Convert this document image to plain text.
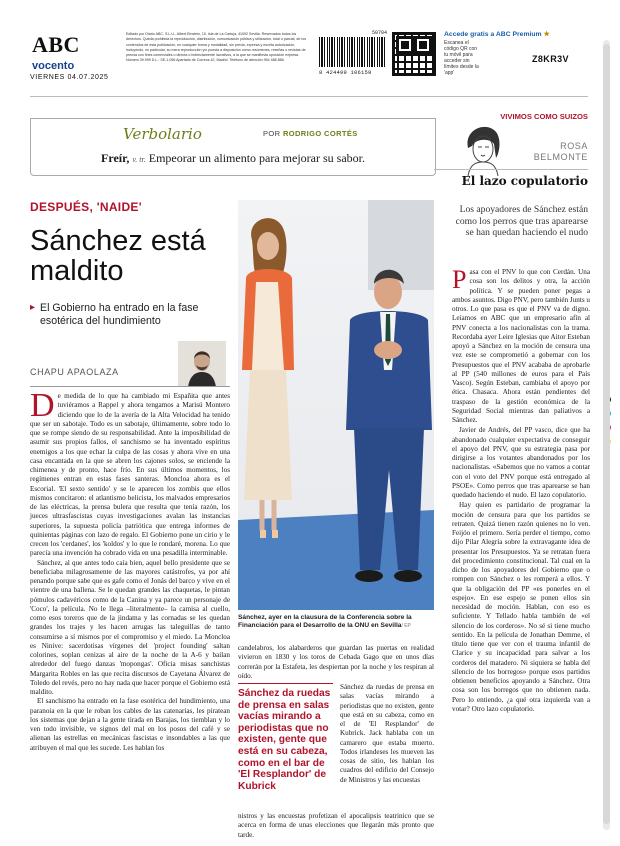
ABC
vocento
VIERNES 04.07.2025
Editado por Diario ABC, S.L.U., Albert Einstein, 10, Isla de La Cartuja, 41092 Sevilla. Reservados todos los derechos. Queda prohibida la reproducción, distribución, comunicación pública y utilización, total o parcial, de los contenidos de esta publicación, en cualquier forma y modalidad, sin previa, expresa y escrita autorización, incluyendo, en particular, su mera reproducción y/o puesta a disposición como resúmenes, reseñas o revistas de prensa con fines comerciales o directa o indirectamente lucrativos, a la que se manifiesta oposición expresa. Número 39.999 D.L.: SE-1.056 Apartado de Correos 42, Madrid. Teléfono de atención 954 488 888.
50704
8 424499 106159
Accede gratis a ABC Premium ★
Escanea el código QR con tu móvil para acceder sin límites desde la 'app'
Z8KR3V
Verbolario	POR RODRIGO CORTÉS
Freír, v. tr. Empeorar un alimento para mejorar su sabor.
VIVIMOS COMO SUIZOS
ROSA
BELMONTE
El lazo copulatorio
Los apoyadores de Sánchez están como los perros que tras aparearse se han quedan haciendo el nudo

Pasa con el PNV lo que con Cerdán. Una cosa son los delitos y otra, la acción política. Y se pueden poner pegas a ambos asuntos. Digo PNV, pero también Junts u otros. Lo que pasa es que el PNV va de digno. Leíamos en ABC que un empresario afín al PNV conecta a los nacionalistas con la trama. Recordaba ayer Leire Iglesias que Aitor Esteban apoyó a Sánchez en la moción de censura una vez este se comprometió a gobernar con los Presupuestos que el PNV acababa de aprobarle al PP (540 millones de euros para el País Vasco). Según Esteban, cambiaba el apoyo por ética. Chasaca. Ahora están pendientes del traspaso de la gestión económica de la Seguridad Social mientras dan paliativos a Sánchez.

Javier de Andrés, del PP vasco, dice que ha abandonado cualquier expectativa de conseguir el apoyo del PNV, que su estrategia pasa por dirigirse a los votantes abandonados por los nacionalistas. «Sabemos que no vamos a contar con el voto del PNV porque está entregado al PSOE». Como perros que tras aparearse se han quedado haciendo el nudo. El lazo copulatorio.

Hay quien es partidario de programar la moción de censura para que los partidos se retraten. Quizá tienen razón quienes no lo ven. Feijóo el primero. Sería perder el tiempo, como dijo Pilar Alegría sobre la extravagante idea de presentar los Presupuestos. Ya se retratan fuera del procedimiento constitucional. Tal cual en la dicho de los apoyadores del Gobierno que o rompen con Sánchez o les romperá a ellos. Y que la obligación del PP «es ponerles en el espejo». En ese espejo se ponen ellos sin necesidad de moción. Hablan, con eso es suficiente. Y Tellado habla también de «el silencio de los corderos». No sé si tiene mucho sentido. En la película de Jonathan Demme, el título tiene que ver con el trauma infantil de Clarice y su incapacidad para salvar a los corderos del matadero. Ni siquiera se habla del silencio de los borregos» porque esos partidos obtienen beneficios apoyando a Sánchez. Otra cosa son los borregos que no obtienen nada. Pero lo entiendo, ¿a qué otra izquierda van a votar? Otro lazo copulatorio.

DESPUÉS, 'NAIDE'
Sánchez está maldito
▸ El Gobierno ha entrado en la fase esotérica del hundimiento
CHAPU APAOLAZA

De medida de lo que ha cambiado mi Españita que antes tuviéramos a Rappel y ahora tengamos a Marisú Montero diciendo que lo de la avería de la Alta Velocidad ha tenido que ser un sabotaje. Todo es un sabotaje, últimamente, sobre todo lo que se rompe siendo de su responsabilidad. Ante la imposibilidad de asumir sus propios fallos, el sanchismo se ha inventado espíritus enemigos a los que echar la culpa de las cosas y ahora vive en una casa encantada en la que se abren los cajones solos, se enciende la chimenea y de pronto, hace frío. En sus últimos momentos, los regímenes entran en estas fases santeras. Moncloa ahora es el Escorial. 'El sexto sentido' y se le aparecen los zombis que ellos mismos concitaron: el atlantismo belicista, los malvados empresarios de las eléctricas, la prensa bulera que resulta que tenía razón, los jueces ultrasfascistas cuyas investigaciones avalan las instancias superiores, la supuesta policía patriótica que entrega informes de quinientas páginas con lazo de regalo. El Gobierno pone un cirio y le crecen los 'cerdanes', los 'koldos' y lo que le rondaré, morena. Lo que parecía una invención ha cobrado vida en una pesadilla interminable.

Sánchez, al que antes todo caía bien, aquel bello presidente que se beneficiaba milagrosamente de las mayores catástrofes, ya por ahí penando porque sabe que es gafe como el Jonás del barco y vive en el vientre de una ballena. Se le quedan grandes las chaquetas, le pintan pómulos cadavéricos como de la Canina y ya parece un personaje de 'Coco', la película. No le llega –literalmente– la camisa al cuello, como esos toreros que de la jindama y las cornadas se les quedan grandes los trajes y les hacen arrugas las taleguillas de tanto consumirse a sí mismos por el compromiso y el miedo. La Moncloa es Ninive: sacerdotisas vírgenes del 'project founding' saltan colorines, soplan cenizas al aire de la noche de la A-6 y bailan alrededor del fuego danzas 'mopongas'. Oficia misas sanchistas Margarita Robles en las que recita discursos de Cayetana Álvarez de Toledo del revés, pero no hay nada que hacer porque el Gobierno está maldito.

El sanchismo ha entrado en la fase esotérica del hundimiento, una paranoia en la que le roban los cables de las catenarias, les piratean los sistemas que dejan a la gente tirada en Barajas, los tiemblan y lo ven todo invisible, ve signos del mal en los posos del café y se alienan las estrellas en mecánicas fascistas e insondables a las que atribuyen el mal que les sucede. Les hablan los

Sánchez, ayer en la clausura de la Conferencia sobre la Financiación para el Desarrollo de la ONU en Sevilla/ EP

candelabros, los alabarderos que guardan las puertas en realidad vivieron en 1830 y los toros de Cebada Gago que en unos días correrán por la Estafeta, les despiertan por la noche y les respiran al oído.

Sánchez da ruedas de prensa en salas vacías mirando a periodistas que no existen, gente que está en su cabeza, como en el bar de 'El Resplandor' de Kubrick

Sánchez da ruedas de prensa en salas vacías mirando a periodistas que no existen, gente que está en su cabeza, como en el de 'El Resplandor' de Kubrick. Jack hablaba con un camarero que estaba muerto. Todos irlandeses les mueven las cosas de sitio, les hablan los cuadros del edificio del Consejo de Ministros y las encuestas

nistros y las encuestas profetizan el apocalipsis teatrinico que se acerca en forma de unas elecciones que llegarán más pronto que tarde.
